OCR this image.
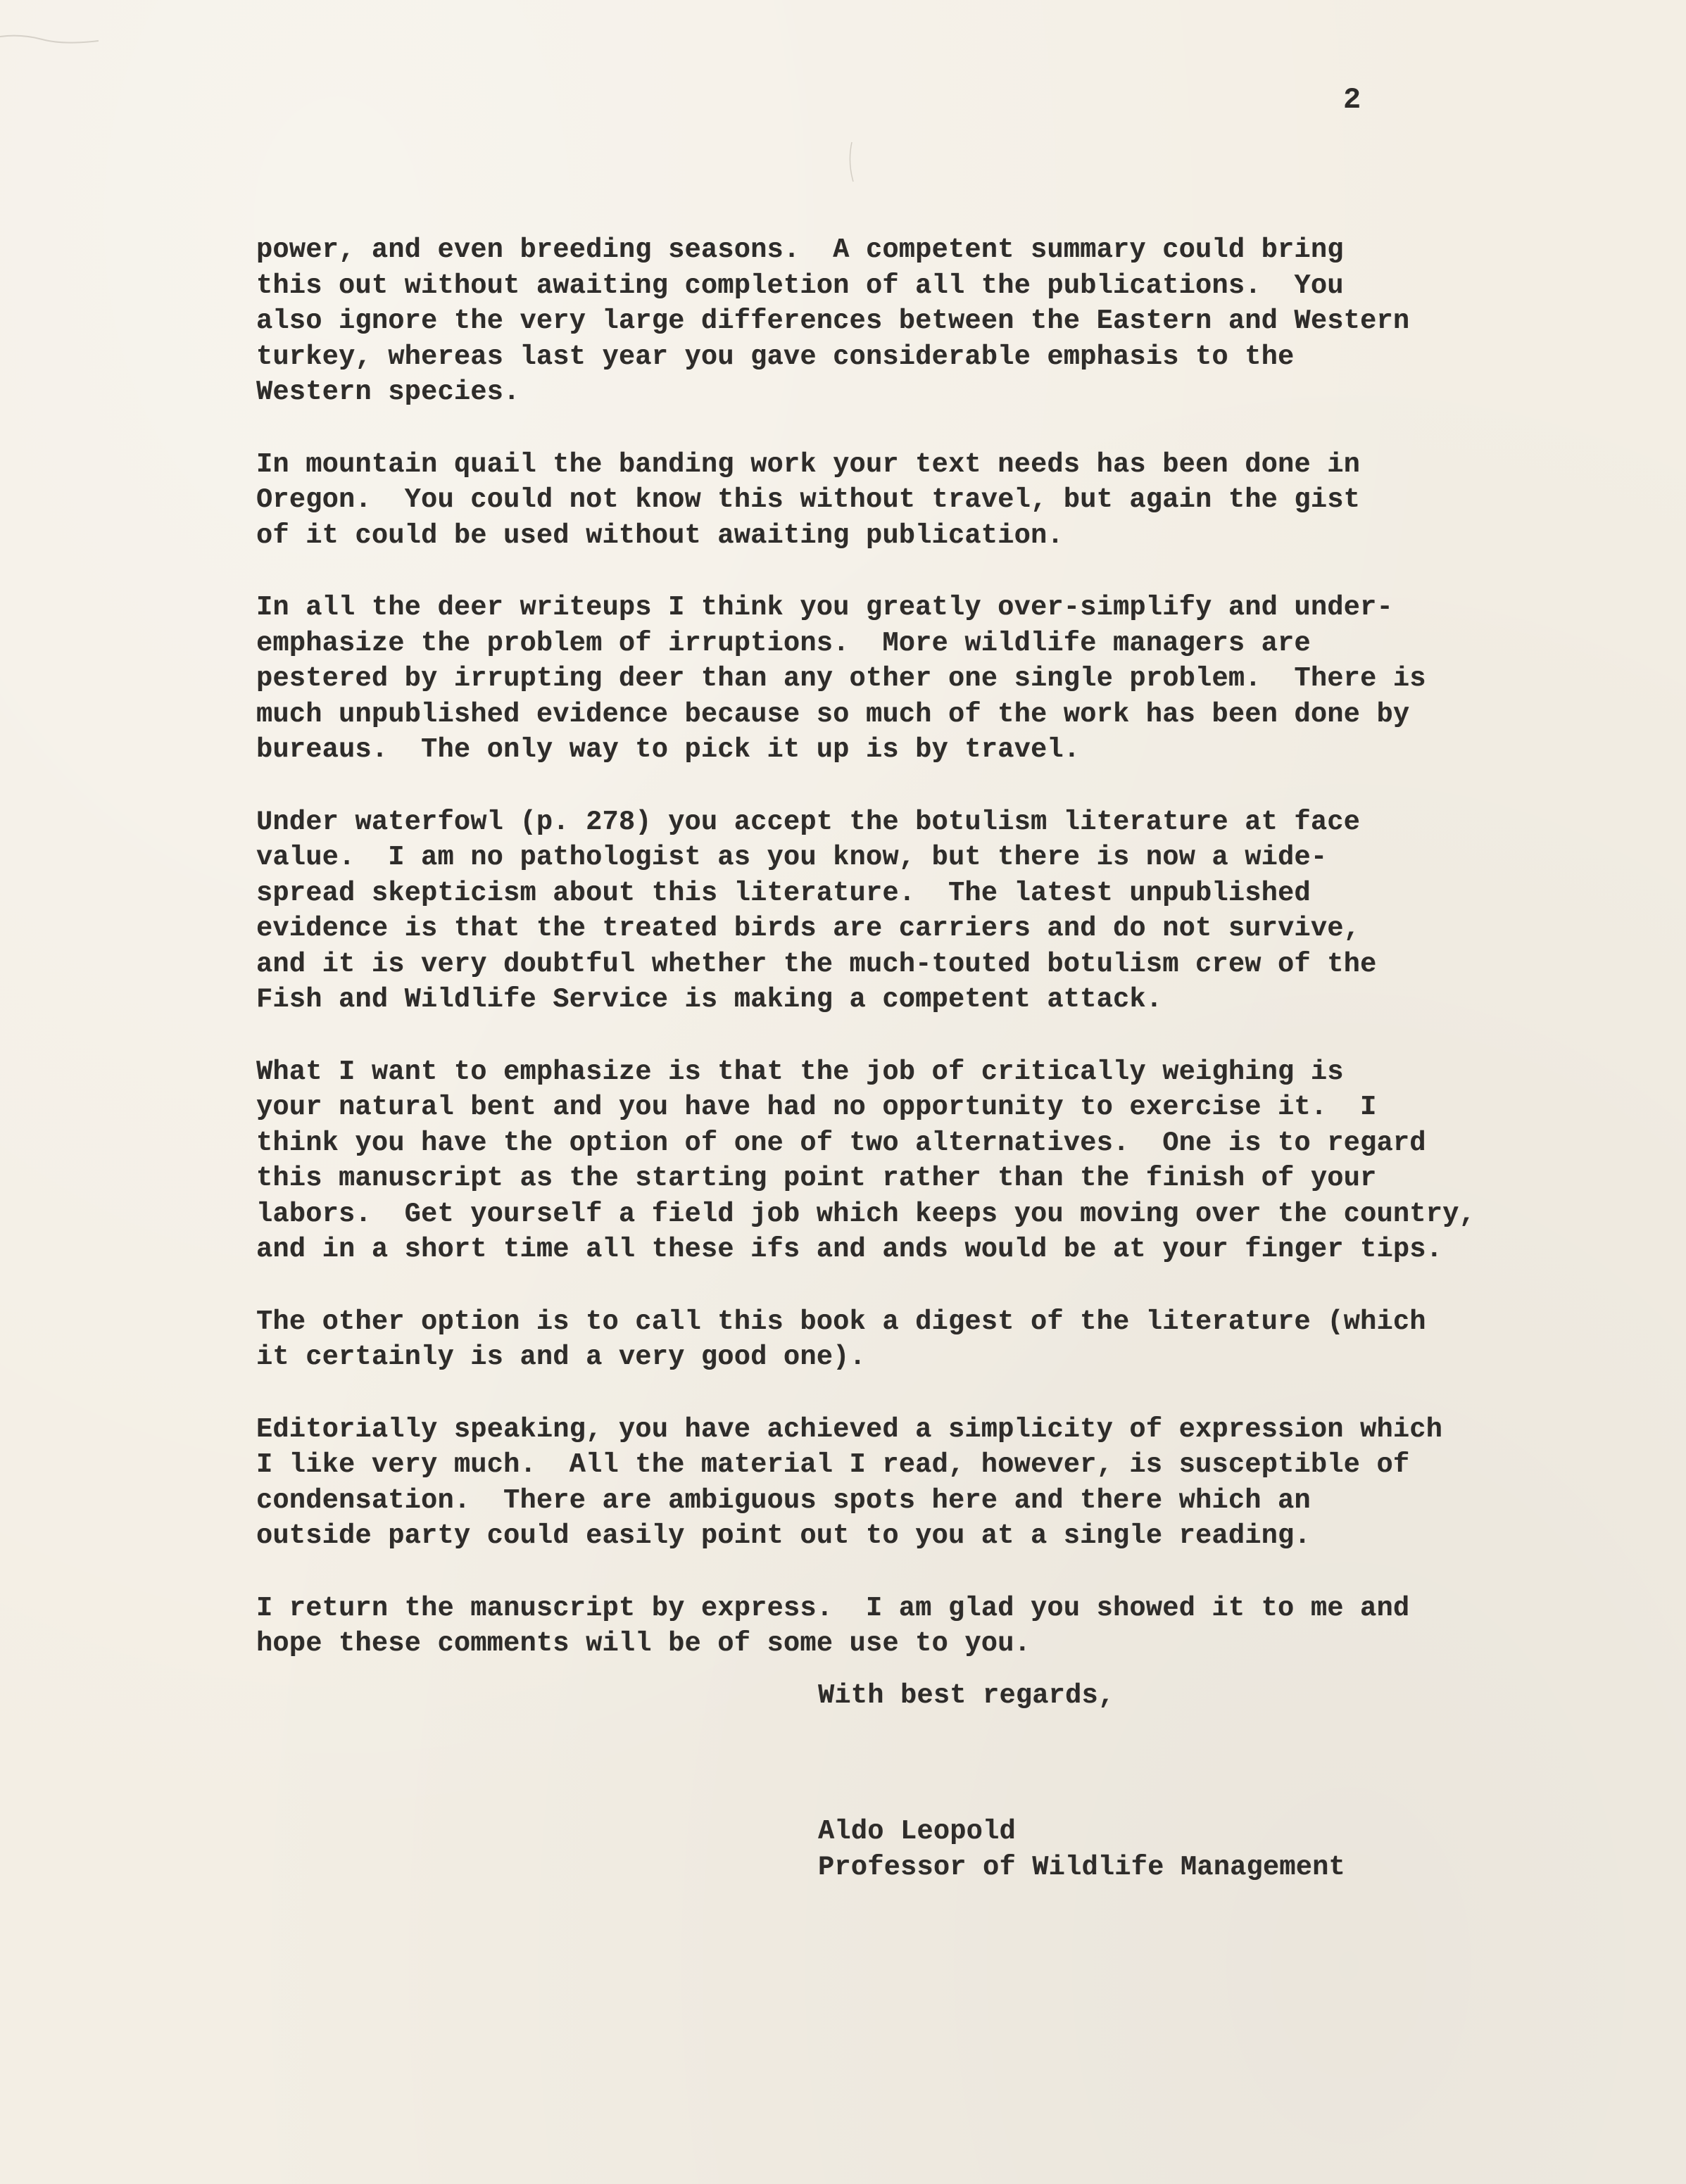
2
power, and even breeding seasons.  A competent summary could bring
this out without awaiting completion of all the publications.  You
also ignore the very large differences between the Eastern and Western
turkey, whereas last year you gave considerable emphasis to the
Western species.
In mountain quail the banding work your text needs has been done in
Oregon.  You could not know this without travel, but again the gist
of it could be used without awaiting publication.
In all the deer writeups I think you greatly over-simplify and under-
emphasize the problem of irruptions.  More wildlife managers are
pestered by irrupting deer than any other one single problem.  There is
much unpublished evidence because so much of the work has been done by
bureaus.  The only way to pick it up is by travel.
Under waterfowl (p. 278) you accept the botulism literature at face
value.  I am no pathologist as you know, but there is now a wide-
spread skepticism about this literature.  The latest unpublished
evidence is that the treated birds are carriers and do not survive,
and it is very doubtful whether the much-touted botulism crew of the
Fish and Wildlife Service is making a competent attack.
What I want to emphasize is that the job of critically weighing is
your natural bent and you have had no opportunity to exercise it.  I
think you have the option of one of two alternatives.  One is to regard
this manuscript as the starting point rather than the finish of your
labors.  Get yourself a field job which keeps you moving over the country,
and in a short time all these ifs and ands would be at your finger tips.
The other option is to call this book a digest of the literature (which
it certainly is and a very good one).
Editorially speaking, you have achieved a simplicity of expression which
I like very much.  All the material I read, however, is susceptible of
condensation.  There are ambiguous spots here and there which an
outside party could easily point out to you at a single reading.
I return the manuscript by express.  I am glad you showed it to me and
hope these comments will be of some use to you.
With best regards,
Aldo Leopold
Professor of Wildlife Management
